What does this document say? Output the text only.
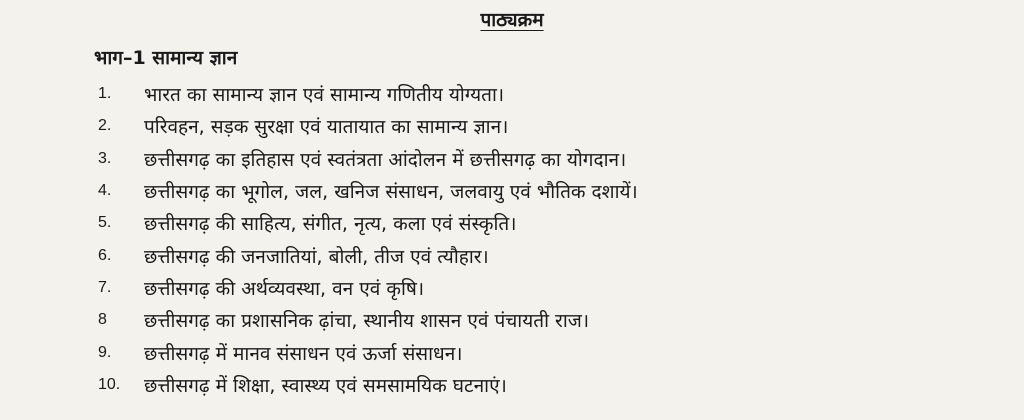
पाठ्यक्रम
भाग–1 सामान्य ज्ञान
1.	भारत का सामान्य ज्ञान एवं सामान्य गणितीय योग्यता।
2.	परिवहन, सड़क सुरक्षा एवं यातायात का सामान्य ज्ञान।
3.	छत्तीसगढ़ का इतिहास एवं स्वतंत्रता आंदोलन में छत्तीसगढ़ का योगदान।
4.	छत्तीसगढ़ का भूगोल, जल, खनिज संसाधन, जलवायु एवं भौतिक दशायें।
5.	छत्तीसगढ़ की साहित्य, संगीत, नृत्य, कला एवं संस्कृति।
6.	छत्तीसगढ़ की जनजातियां, बोली, तीज एवं त्यौहार।
7.	छत्तीसगढ़ की अर्थव्यवस्था, वन एवं कृषि।
8	छत्तीसगढ़ का प्रशासनिक ढ़ांचा, स्थानीय शासन एवं पंचायती राज।
9.	छत्तीसगढ़ में मानव संसाधन एवं ऊर्जा संसाधन।
10.	छत्तीसगढ़ में शिक्षा, स्वास्थ्य एवं समसामयिक घटनाएं।
